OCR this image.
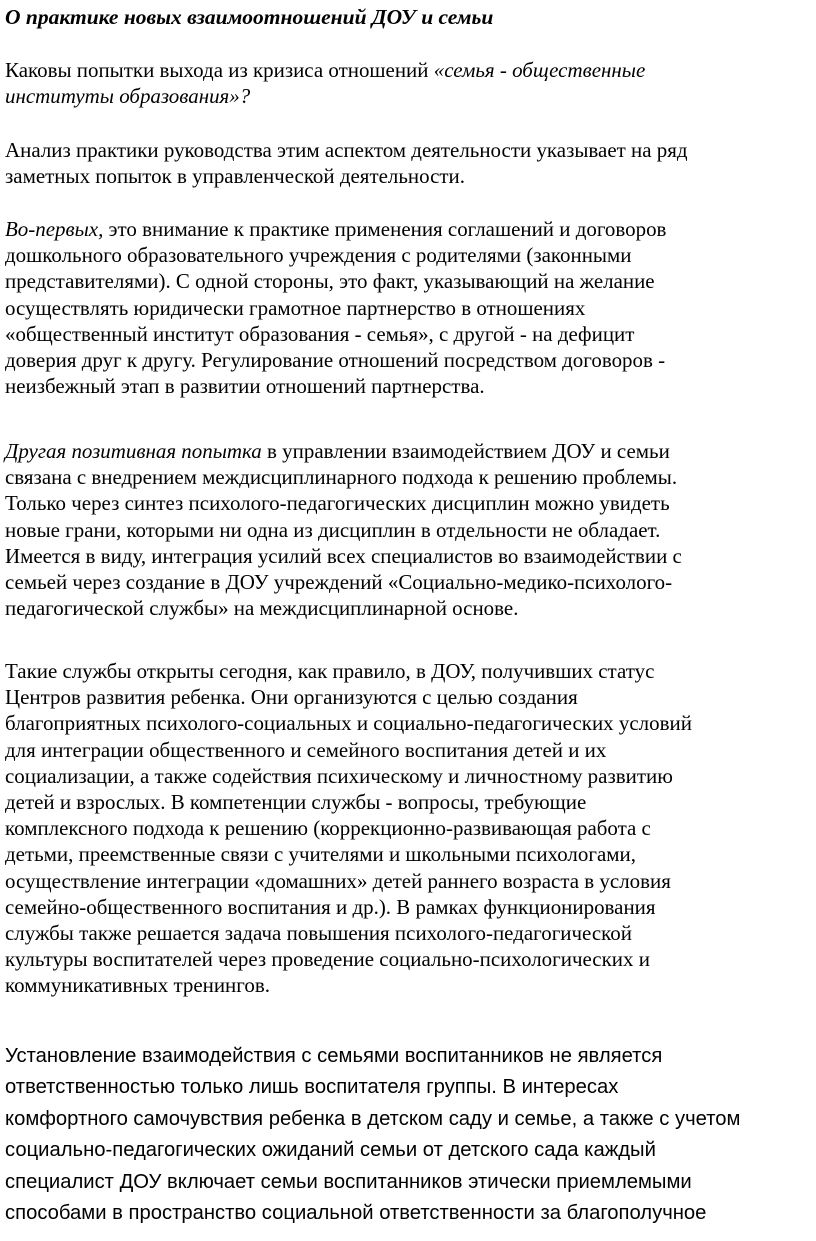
О практике новых взаимоотношений ДОУ и семьи

Каковы попытки выхода из кризиса отношений «семья - общественные
институты образования»?

Анализ практики руководства этим аспектом деятельности указывает на ряд
заметных попыток в управленческой деятельности.

Во-первых, это внимание к практике применения соглашений и договоров
дошкольного образовательного учреждения с родителями (законными
представителями). С одной стороны, это факт, указывающий на желание
осуществлять юридически грамотное партнерство в отношениях
«общественный институт образования - семья», с другой - на дефицит
доверия друг к другу. Регулирование отношений посредством договоров -
неизбежный этап в развитии отношений партнерства.

Другая позитивная попытка в управлении взаимодействием ДОУ и семьи
связана с внедрением междисциплинарного подхода к решению проблемы.
Только через синтез психолого-педагогических дисциплин можно увидеть
новые грани, которыми ни одна из дисциплин в отдельности не обладает.
Имеется в виду, интеграция усилий всех специалистов во взаимодействии с
семьей через создание в ДОУ учреждений «Социально-медико-психолого-
педагогической службы» на междисциплинарной основе.

Такие службы открыты сегодня, как правило, в ДОУ, получивших статус
Центров развития ребенка. Они организуются с целью создания
благоприятных психолого-социальных и социально-педагогических условий
для интеграции общественного и семейного воспитания детей и их
социализации, а также содействия психическому и личностному развитию
детей и взрослых. В компетенции службы - вопросы, требующие
комплексного подхода к решению (коррекционно-развивающая работа с
детьми, преемственные связи с учителями и школьными психологами,
осуществление интеграции «домашних» детей раннего возраста в условия
семейно-общественного воспитания и др.). В рамках функционирования
службы также решается задача повышения психолого-педагогической
культуры воспитателей через проведение социально-психологических и
коммуникативных тренингов.

Установление взаимодействия с семьями воспитанников не является
ответственностью только лишь воспитателя группы. В интересах
комфортного самочувствия ребенка в детском саду и семье, а также с учетом
социально-педагогических ожиданий семьи от детского сада каждый
специалист ДОУ включает семьи воспитанников этически приемлемыми
способами в пространство социальной ответственности за благополучное
